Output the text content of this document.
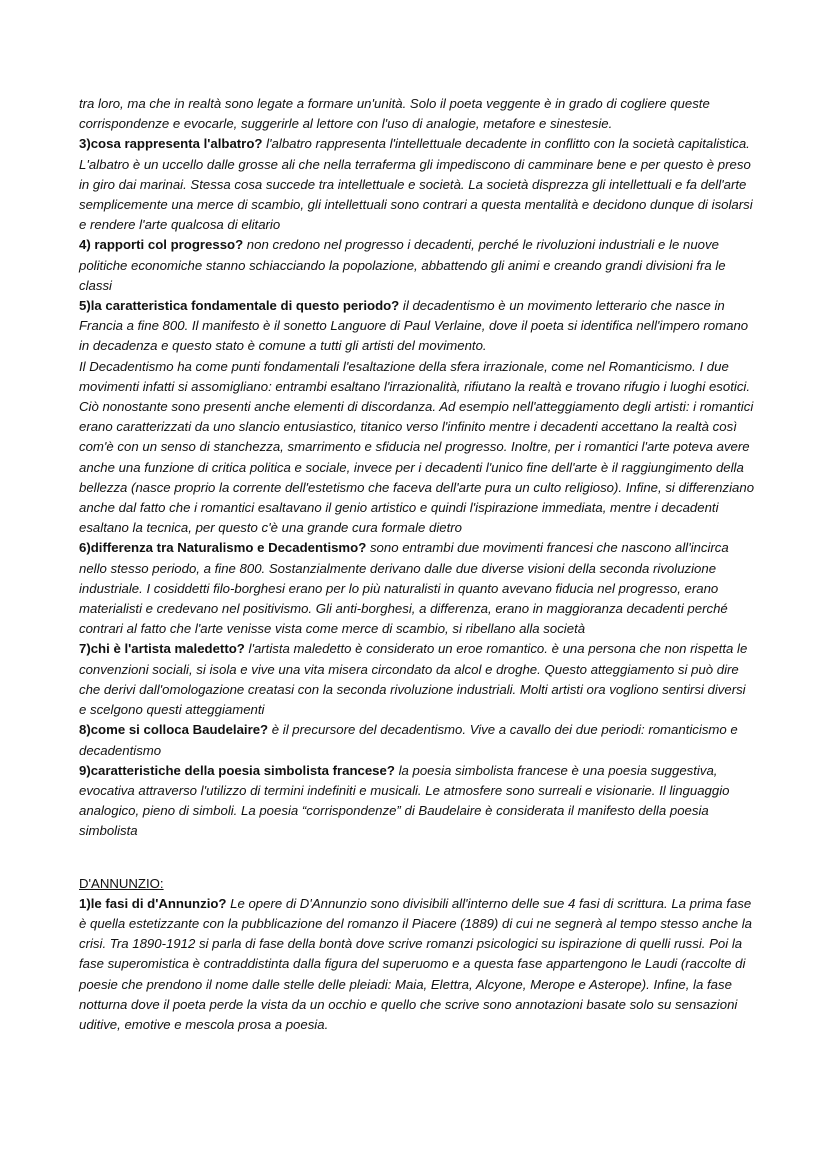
tra loro, ma che in realtà sono legate a formare un'unità. Solo il poeta veggente è in grado di cogliere queste corrispondenze e evocarle, suggerirle al lettore con l'uso di analogie, metafore e sinestesie.

3)cosa rappresenta l'albatro? l'albatro rappresenta l'intellettuale decadente in conflitto con la società capitalistica. L'albatro è un uccello dalle grosse ali che nella terraferma gli impediscono di camminare bene e per questo è preso in giro dai marinai. Stessa cosa succede tra intellettuale e società. La società disprezza gli intellettuali e fa dell'arte semplicemente una merce di scambio, gli intellettuali sono contrari a questa mentalità e decidono dunque di isolarsi e rendere l'arte qualcosa di elitario

4) rapporti col progresso? non credono nel progresso i decadenti, perché le rivoluzioni industriali e le nuove politiche economiche stanno schiacciando la popolazione, abbattendo gli animi e creando grandi divisioni fra le classi

5)la caratteristica fondamentale di questo periodo? il decadentismo è un movimento letterario che nasce in Francia a fine 800. Il manifesto è il sonetto Languore di Paul Verlaine, dove il poeta si identifica nell'impero romano in decadenza e questo stato è comune a tutti gli artisti del movimento.

Il Decadentismo ha come punti fondamentali l'esaltazione della sfera irrazionale, come nel Romanticismo. I due movimenti infatti si assomigliano: entrambi esaltano l'irrazionalità, rifiutano la realtà e trovano rifugio i luoghi esotici. Ciò nonostante sono presenti anche elementi di discordanza. Ad esempio nell'atteggiamento degli artisti: i romantici erano caratterizzati da uno slancio entusiastico, titanico verso l'infinito mentre i decadenti accettano la realtà così com'è con un senso di stanchezza, smarrimento e sfiducia nel progresso. Inoltre, per i romantici l'arte poteva avere anche una funzione di critica politica e sociale, invece per i decadenti l'unico fine dell'arte è il raggiungimento della bellezza (nasce proprio la corrente dell'estetismo che faceva dell'arte pura un culto religioso). Infine, si differenziano anche dal fatto che i romantici esaltavano il genio artistico e quindi l'ispirazione immediata, mentre i decadenti esaltano la tecnica, per questo c'è una grande cura formale dietro

6)differenza tra Naturalismo e Decadentismo? sono entrambi due movimenti francesi che nascono all'incirca nello stesso periodo, a fine 800. Sostanzialmente derivano dalle due diverse visioni della seconda rivoluzione industriale. I cosiddetti filo-borghesi erano per lo più naturalisti in quanto avevano fiducia nel progresso, erano materialisti e credevano nel positivismo. Gli anti-borghesi, a differenza, erano in maggioranza decadenti perché contrari al fatto che l'arte venisse vista come merce di scambio, si ribellano alla società

7)chi è l'artista maledetto? l'artista maledetto è considerato un eroe romantico. è una persona che non rispetta le convenzioni sociali, si isola e vive una vita misera circondato da alcol e droghe. Questo atteggiamento si può dire che derivi dall'omologazione creatasi con la seconda rivoluzione industriali. Molti artisti ora vogliono sentirsi diversi e scelgono questi atteggiamenti

8)come si colloca Baudelaire? è il precursore del decadentismo. Vive a cavallo dei due periodi: romanticismo e decadentismo

9)caratteristiche della poesia simbolista francese? la poesia simbolista francese è una poesia suggestiva, evocativa attraverso l'utilizzo di termini indefiniti e musicali. Le atmosfere sono surreali e visionarie. Il linguaggio analogico, pieno di simboli. La poesia “corrispondenze” di Baudelaire è considerata il manifesto della poesia simbolista

D'ANNUNZIO:

1)le fasi di d'Annunzio? Le opere di D'Annunzio sono divisibili all'interno delle sue 4 fasi di scrittura. La prima fase è quella estetizzante con la pubblicazione del romanzo il Piacere (1889) di cui ne segnerà al tempo stesso anche la crisi. Tra 1890-1912 si parla di fase della bontà dove scrive romanzi psicologici su ispirazione di quelli russi. Poi la fase superomistica è contraddistinta dalla figura del superuomo e a questa fase appartengono le Laudi (raccolte di poesie che prendono il nome dalle stelle delle pleiadi: Maia, Elettra, Alcyone, Merope e Asterope). Infine, la fase notturna dove il poeta perde la vista da un occhio e quello che scrive sono annotazioni basate solo su sensazioni uditive, emotive e mescola prosa a poesia.
